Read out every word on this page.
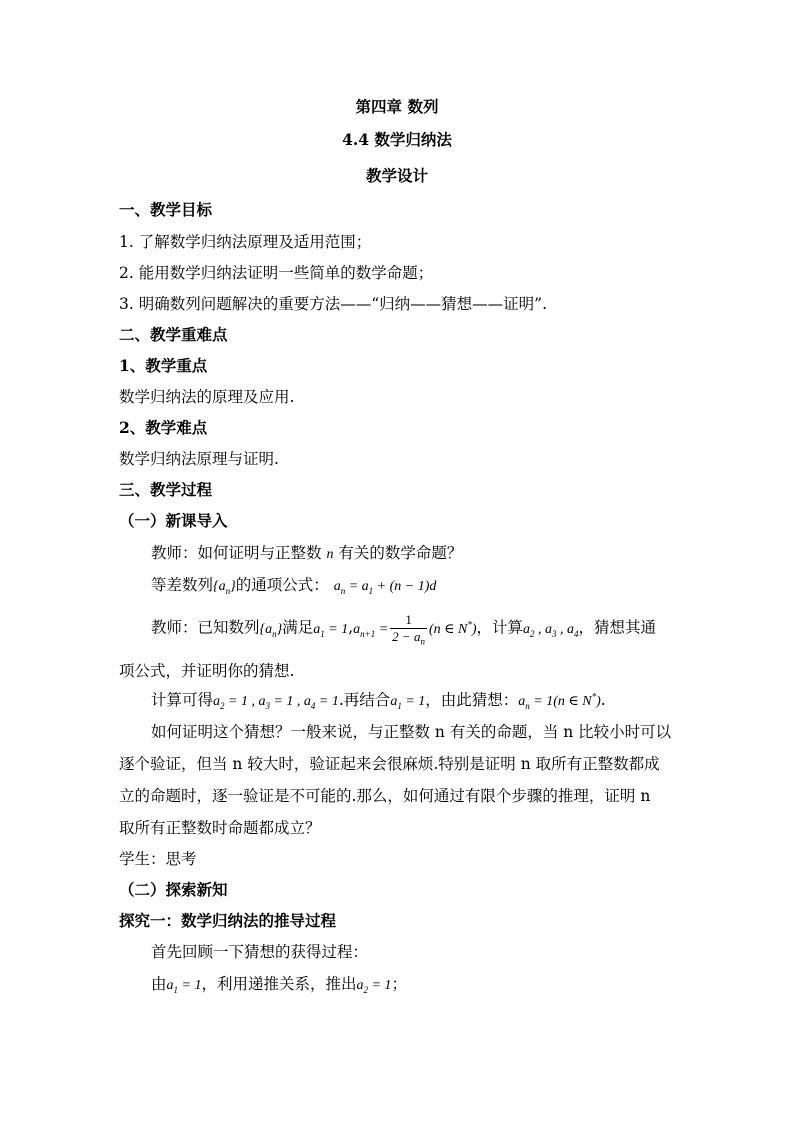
第四章 数列
4.4 数学归纳法
教学设计
一、教学目标
1. 了解数学归纳法原理及适用范围；
2. 能用数学归纳法证明一些简单的数学命题；
3. 明确数列问题解决的重要方法——“归纳——猜想——证明”.
二、教学重难点
1、教学重点
数学归纳法的原理及应用.
2、教学难点
数学归纳法原理与证明.
三、教学过程
（一）新课导入
教师：如何证明与正整数 n 有关的数学命题？
等差数列$\{a_n\}$的通项公式： $a_n = a_1 + (n - 1)d$
教师：已知数列$\{a_n\}$满足$a_1 = 1,a_{n+1} = \frac{1}{2 - a_n} (n$ ∈ N*)，计算$a_2$ , $a_3$ , $a_4$，猜想其通
项公式，并证明你的猜想.
计算可得$a_2 = 1$ , $a_3 = 1$ , $a_4 = 1$.再结合$a_1 = 1$，由此猜想：$a_n = 1(n$ ∈ N*).
如何证明这个猜想？一般来说，与正整数 n 有关的命题，当 n 比较小时可以
逐个验证，但当 n 较大时，验证起来会很麻烦.特别是证明 n 取所有正整数都成
立的命题时，逐一验证是不可能的.那么，如何通过有限个步骤的推理，证明 n
取所有正整数时命题都成立？
学生：思考
（二）探索新知
探究一：数学归纳法的推导过程
首先回顾一下猜想的获得过程：
由$a_1 = 1$，利用递推关系，推出$a_2 = 1$；
